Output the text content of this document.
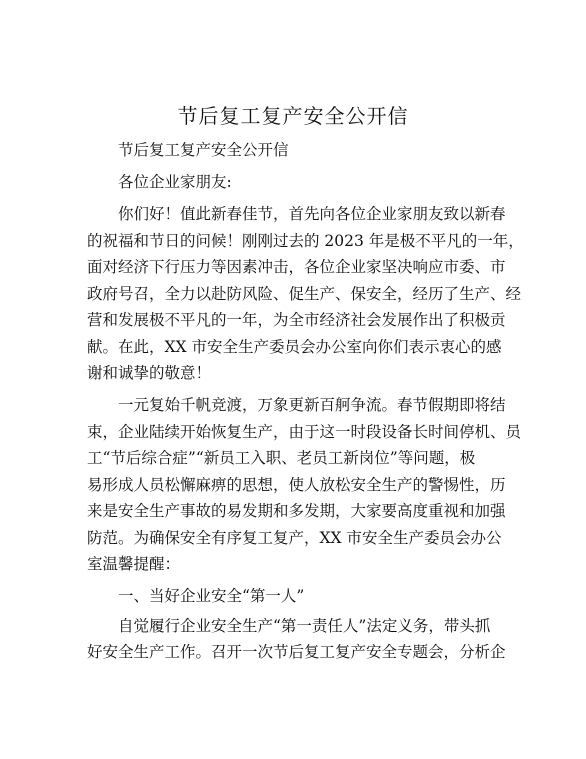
节后复工复产安全公开信
节后复工复产安全公开信
各位企业家朋友:
你们好！值此新春佳节，首先向各位企业家朋友致以新春
的祝福和节日的问候！刚刚过去的 2023 年是极不平凡的一年，
面对经济下行压力等因素冲击，各位企业家坚决响应市委、市
政府号召，全力以赴防风险、促生产、保安全，经历了生产、经
营和发展极不平凡的一年，为全市经济社会发展作出了积极贡
献。在此，XX 市安全生产委员会办公室向你们表示衷心的感
谢和诚挚的敬意！
一元复始千帆竞渡，万象更新百舸争流。春节假期即将结
束，企业陆续开始恢复生产，由于这一时段设备长时间停机、员
工“节后综合症”“新员工入职、老员工新岗位”等问题，极
易形成人员松懈麻痹的思想，使人放松安全生产的警惕性，历
来是安全生产事故的易发期和多发期，大家要高度重视和加强
防范。为确保安全有序复工复产，XX 市安全生产委员会办公
室温馨提醒：
一、当好企业安全“第一人”
自觉履行企业安全生产“第一责任人”法定义务，带头抓
好安全生产工作。召开一次节后复工复产安全专题会，分析企
